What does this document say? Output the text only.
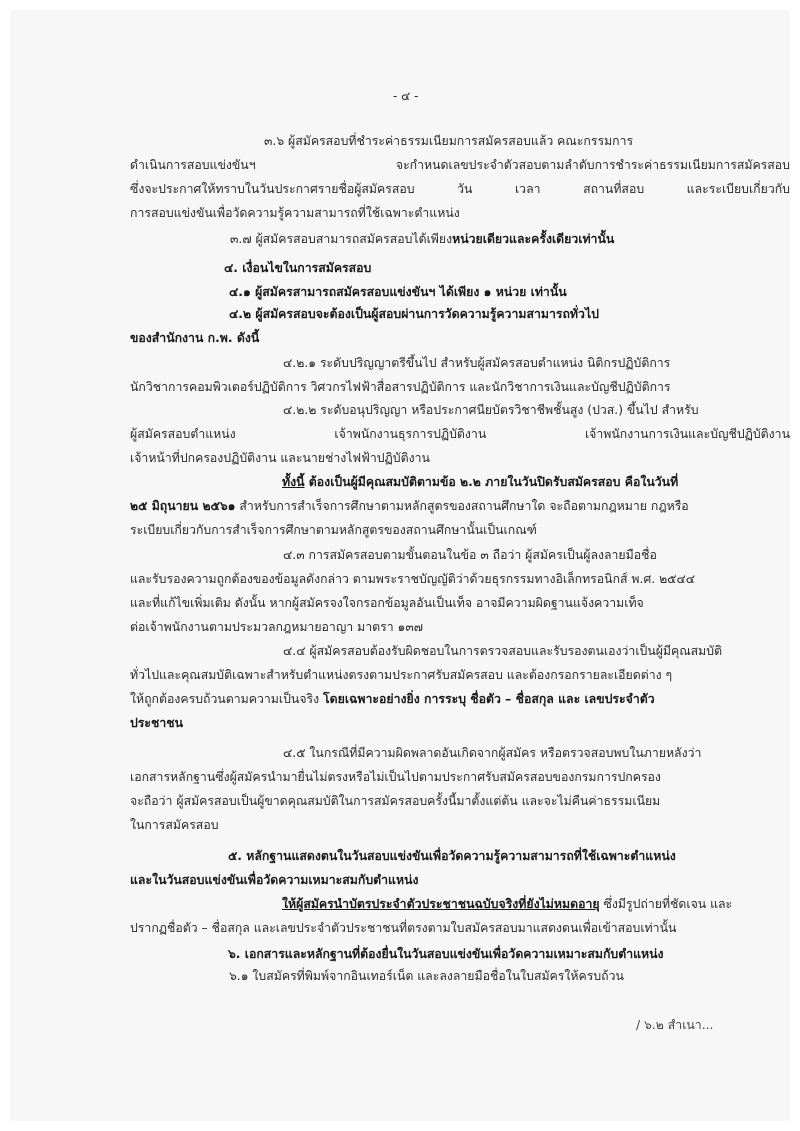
- ๔ -
๓.๖ ผู้สมัครสอบที่ชำระค่าธรรมเนียมการสมัครสอบแล้ว คณะกรรมการ
ดำเนินการสอบแข่งขันฯ จะกำหนดเลขประจำตัวสอบตามลำดับการชำระค่าธรรมเนียมการสมัครสอบ
ซึ่งจะประกาศให้ทราบในวันประกาศรายชื่อผู้สมัครสอบ วัน เวลา สถานที่สอบ และระเบียบเกี่ยวกับ
การสอบแข่งขันเพื่อวัดความรู้ความสามารถที่ใช้เฉพาะตำแหน่ง
๓.๗ ผู้สมัครสอบสามารถสมัครสอบได้เพียงหน่วยเดียวและครั้งเดียวเท่านั้น
๔. เงื่อนไขในการสมัครสอบ
๔.๑ ผู้สมัครสามารถสมัครสอบแข่งขันฯ ได้เพียง ๑ หน่วย เท่านั้น
๔.๒ ผู้สมัครสอบจะต้องเป็นผู้สอบผ่านการวัดความรู้ความสามารถทั่วไป
ของสำนักงาน ก.พ. ดังนี้
๔.๒.๑ ระดับปริญญาตรีขึ้นไป สำหรับผู้สมัครสอบตำแหน่ง นิติกรปฏิบัติการ
นักวิชาการคอมพิวเตอร์ปฏิบัติการ วิศวกรไฟฟ้าสื่อสารปฏิบัติการ และนักวิชาการเงินและบัญชีปฏิบัติการ
๔.๒.๒ ระดับอนุปริญญา หรือประกาศนียบัตรวิชาชีพชั้นสูง (ปวส.) ขึ้นไป สำหรับ
ผู้สมัครสอบตำแหน่ง เจ้าพนักงานธุรการปฏิบัติงาน เจ้าพนักงานการเงินและบัญชีปฏิบัติงาน
เจ้าหน้าที่ปกครองปฏิบัติงาน และนายช่างไฟฟ้าปฏิบัติงาน
ทั้งนี้ ต้องเป็นผู้มีคุณสมบัติตามข้อ ๒.๒ ภายในวันปิดรับสมัครสอบ คือในวันที่
๒๕ มิถุนายน ๒๕๖๑ สำหรับการสำเร็จการศึกษาตามหลักสูตรของสถานศึกษาใด จะถือตามกฎหมาย กฎหรือ
ระเบียบเกี่ยวกับการสำเร็จการศึกษาตามหลักสูตรของสถานศึกษานั้นเป็นเกณฑ์
๔.๓ การสมัครสอบตามขั้นตอนในข้อ ๓ ถือว่า ผู้สมัครเป็นผู้ลงลายมือชื่อ
และรับรองความถูกต้องของข้อมูลดังกล่าว ตามพระราชบัญญัติว่าด้วยธุรกรรมทางอิเล็กทรอนิกส์ พ.ศ. ๒๕๔๔
และที่แก้ไขเพิ่มเติม ดังนั้น หากผู้สมัครจงใจกรอกข้อมูลอันเป็นเท็จ อาจมีความผิดฐานแจ้งความเท็จ
ต่อเจ้าพนักงานตามประมวลกฎหมายอาญา มาตรา ๑๓๗
๔.๔ ผู้สมัครสอบต้องรับผิดชอบในการตรวจสอบและรับรองตนเองว่าเป็นผู้มีคุณสมบัติ
ทั่วไปและคุณสมบัติเฉพาะสำหรับตำแหน่งตรงตามประกาศรับสมัครสอบ และต้องกรอกรายละเอียดต่าง ๆ
ให้ถูกต้องครบถ้วนตามความเป็นจริง โดยเฉพาะอย่างยิ่ง การระบุ ชื่อตัว – ชื่อสกุล และ เลขประจำตัว
ประชาชน
๔.๕ ในกรณีที่มีความผิดพลาดอันเกิดจากผู้สมัคร หรือตรวจสอบพบในภายหลังว่า
เอกสารหลักฐานซึ่งผู้สมัครนำมายื่นไม่ตรงหรือไม่เป็นไปตามประกาศรับสมัครสอบของกรมการปกครอง
จะถือว่า ผู้สมัครสอบเป็นผู้ขาดคุณสมบัติในการสมัครสอบครั้งนี้มาตั้งแต่ต้น และจะไม่คืนค่าธรรมเนียม
ในการสมัครสอบ
๕. หลักฐานแสดงตนในวันสอบแข่งขันเพื่อวัดความรู้ความสามารถที่ใช้เฉพาะตำแหน่ง
และในวันสอบแข่งขันเพื่อวัดความเหมาะสมกับตำแหน่ง
ให้ผู้สมัครนำบัตรประจำตัวประชาชนฉบับจริงที่ยังไม่หมดอายุ ซึ่งมีรูปถ่ายที่ชัดเจน และ
ปรากฏชื่อตัว – ชื่อสกุล และเลขประจำตัวประชาชนที่ตรงตามใบสมัครสอบมาแสดงตนเพื่อเข้าสอบเท่านั้น
๖. เอกสารและหลักฐานที่ต้องยื่นในวันสอบแข่งขันเพื่อวัดความเหมาะสมกับตำแหน่ง
๖.๑ ใบสมัครที่พิมพ์จากอินเทอร์เน็ต และลงลายมือชื่อในใบสมัครให้ครบถ้วน
/ ๖.๒ สำเนา...
